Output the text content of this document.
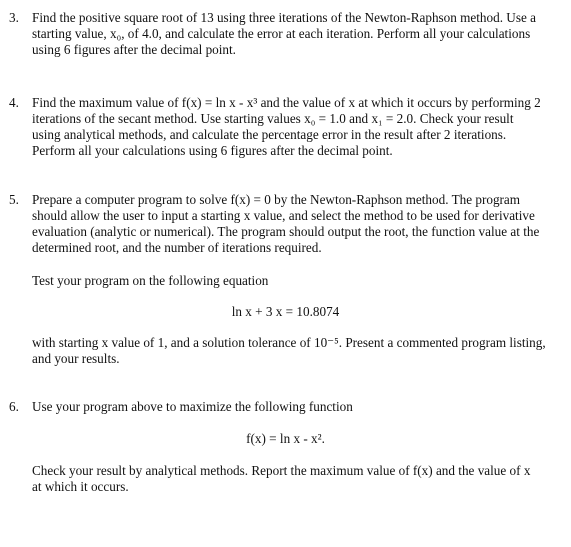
3. Find the positive square root of 13 using three iterations of the Newton-Raphson method. Use a
starting value, x₀, of 4.0, and calculate the error at each iteration. Perform all your calculations
using 6 figures after the decimal point.
4. Find the maximum value of f(x) = ln x - x³ and the value of x at which it occurs by performing 2
iterations of the secant method. Use starting values x₀ = 1.0 and x₁ = 2.0. Check your result
using analytical methods, and calculate the percentage error in the result after 2 iterations.
Perform all your calculations using 6 figures after the decimal point.
5. Prepare a computer program to solve f(x) = 0 by the Newton-Raphson method. The program
should allow the user to input a starting x value, and select the method to be used for derivative
evaluation (analytic or numerical). The program should output the root, the function value at the
determined root, and the number of iterations required.
Test your program on the following equation
ln x + 3 x = 10.8074
with starting x value of 1, and a solution tolerance of 10⁻⁵. Present a commented program listing,
and your results.
6. Use your program above to maximize the following function
f(x) = ln x - x².
Check your result by analytical methods. Report the maximum value of f(x) and the value of x
at which it occurs.
